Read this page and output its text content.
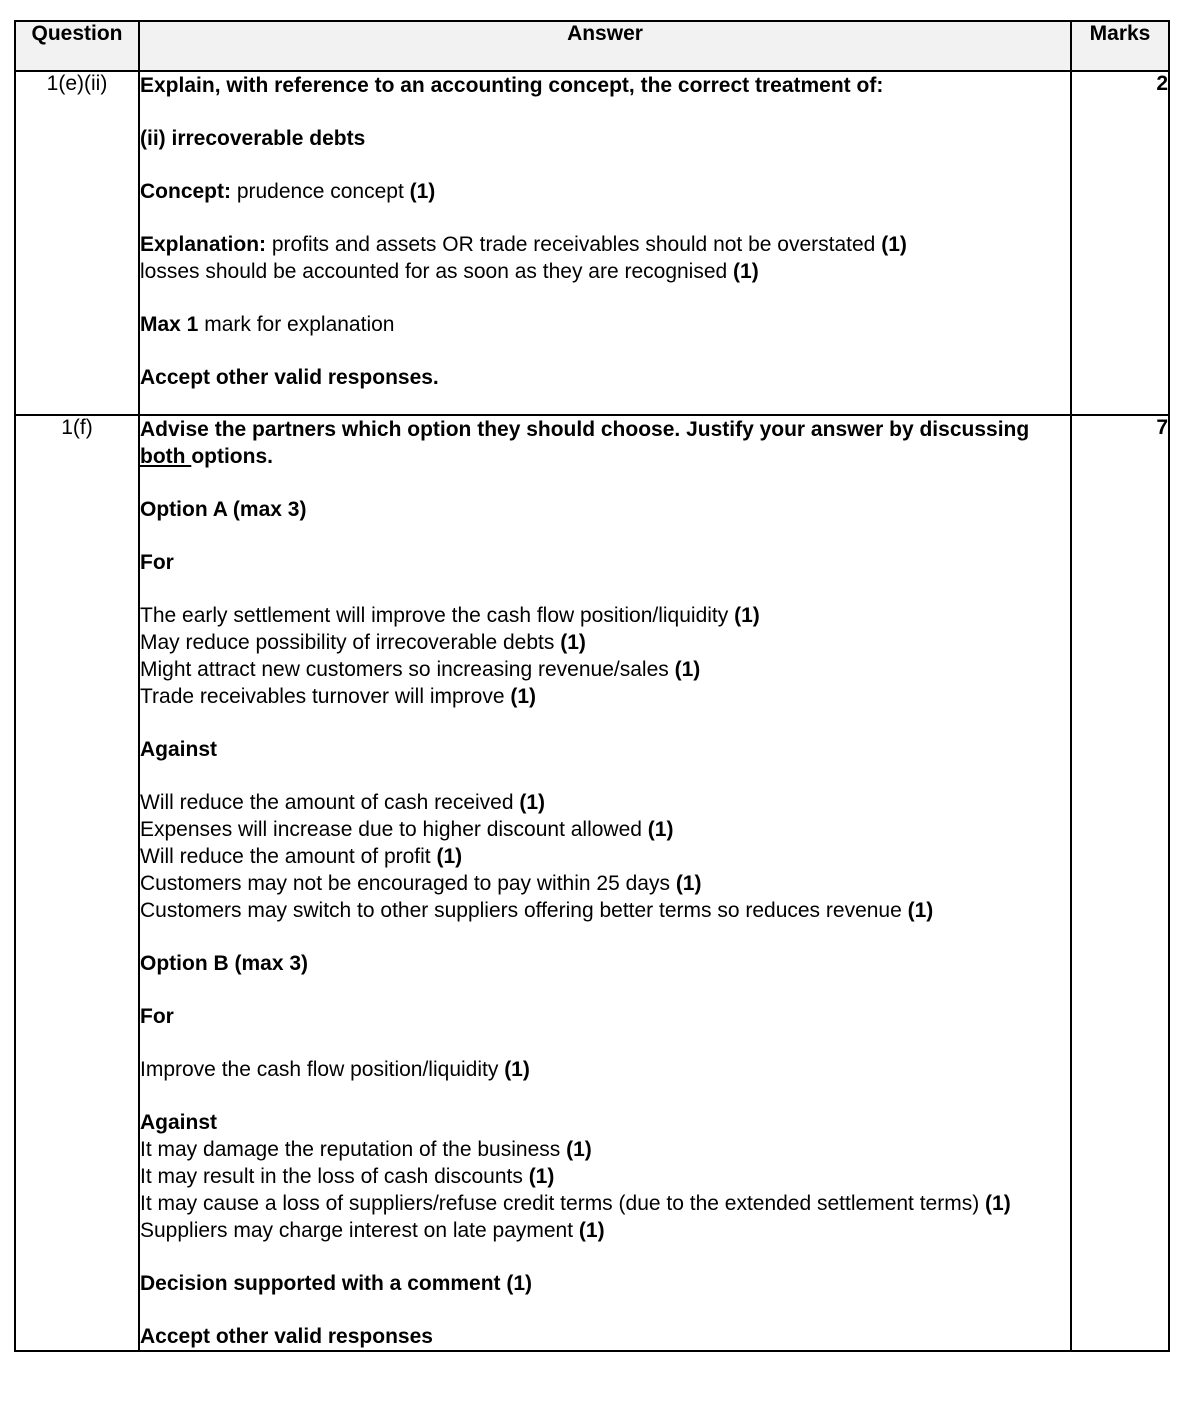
Question	Answer	Marks
1(e)(ii)	Explain, with reference to an accounting concept, the correct treatment of:
(ii) irrecoverable debts
Concept: prudence concept (1)
Explanation: profits and assets OR trade receivables should not be overstated (1)
losses should be accounted for as soon as they are recognised (1)
Max 1 mark for explanation
Accept other valid responses.
	2
1(f)	Advise the partners which option they should choose. Justify your answer by discussing both options.
Option A (max 3)
For
The early settlement will improve the cash flow position/liquidity (1)
May reduce possibility of irrecoverable debts (1)
Might attract new customers so increasing revenue/sales (1)
Trade receivables turnover will improve (1)
Against
Will reduce the amount of cash received (1)
Expenses will increase due to higher discount allowed (1)
Will reduce the amount of profit (1)
Customers may not be encouraged to pay within 25 days (1)
Customers may switch to other suppliers offering better terms so reduces revenue (1)
Option B (max 3)
For
Improve the cash flow position/liquidity (1)
Against
It may damage the reputation of the business (1)
It may result in the loss of cash discounts (1)
It may cause a loss of suppliers/refuse credit terms (due to the extended settlement terms) (1)
Suppliers may charge interest on late payment (1)
Decision supported with a comment (1)
Accept other valid responses
	7
